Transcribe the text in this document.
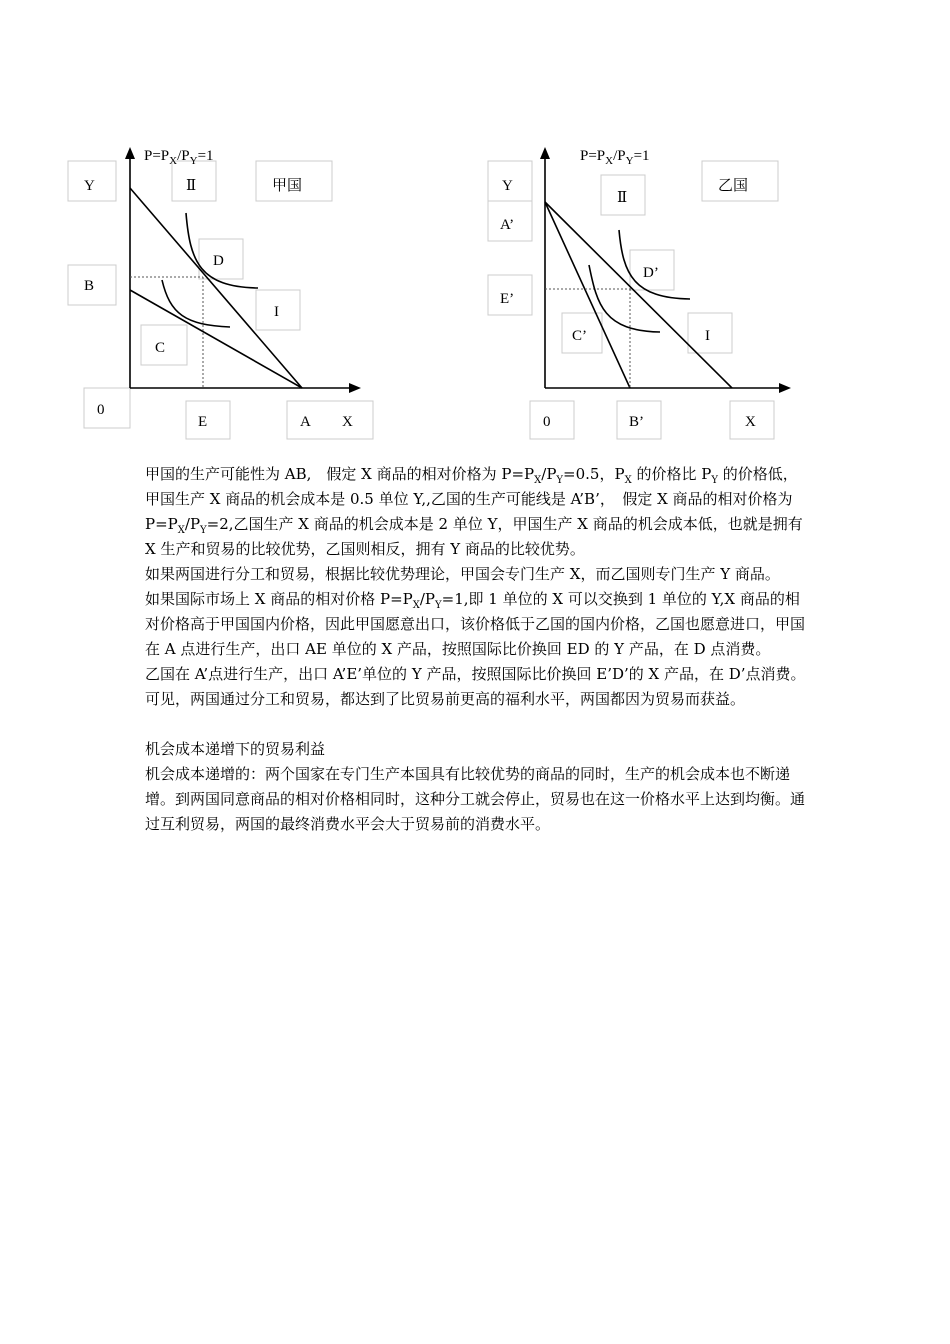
$P=P_X/P_Y=1$
Y	Ⅱ	甲国
D
B
I
C
0
E	A X
$P=P_X/P_Y=1$
Y
Ⅱ
乙国
A’
D’
E’
C’	I
0	B’	X

甲国的生产可能性为 AB,　假定 X 商品的相对价格为 $P=P_X/P_Y=0.5$，$P_X$ 的价格比 $P_Y$ 的价格低，甲国生产 X 商品的机会成本是 0.5 单位 Y,,乙国的生产可能线是 A’B’，　假定 X 商品的相对价格为 $P=P_X/P_Y=2$,乙国生产 X 商品的机会成本是 2 单位 Y，甲国生产 X 商品的机会成本低，也就是拥有 X 生产和贸易的比较优势，乙国则相反，拥有 Y 商品的比较优势。

如果两国进行分工和贸易，根据比较优势理论，甲国会专门生产 X，而乙国则专门生产 Y 商品。

如果国际市场上 X 商品的相对价格 $P=P_X/P_Y=1$,即 1 单位的 X 可以交换到 1 单位的 Y,X 商品的相对价格高于甲国国内价格，因此甲国愿意出口，该价格低于乙国的国内价格，乙国也愿意进口，甲国在 A 点进行生产，出口 AE 单位的 X 产品，按照国际比价换回 ED 的 Y 产品，在 D 点消费。

乙国在 A’点进行生产，出口 A’E’单位的 Y 产品，按照国际比价换回 E’D’的 X 产品，在 D’点消费。

可见，两国通过分工和贸易，都达到了比贸易前更高的福利水平，两国都因为贸易而获益。

机会成本递增下的贸易利益

机会成本递增的：两个国家在专门生产本国具有比较优势的商品的同时，生产的机会成本也不断递增。到两国同意商品的相对价格相同时，这种分工就会停止，贸易也在这一价格水平上达到均衡。通过互利贸易，两国的最终消费水平会大于贸易前的消费水平。
